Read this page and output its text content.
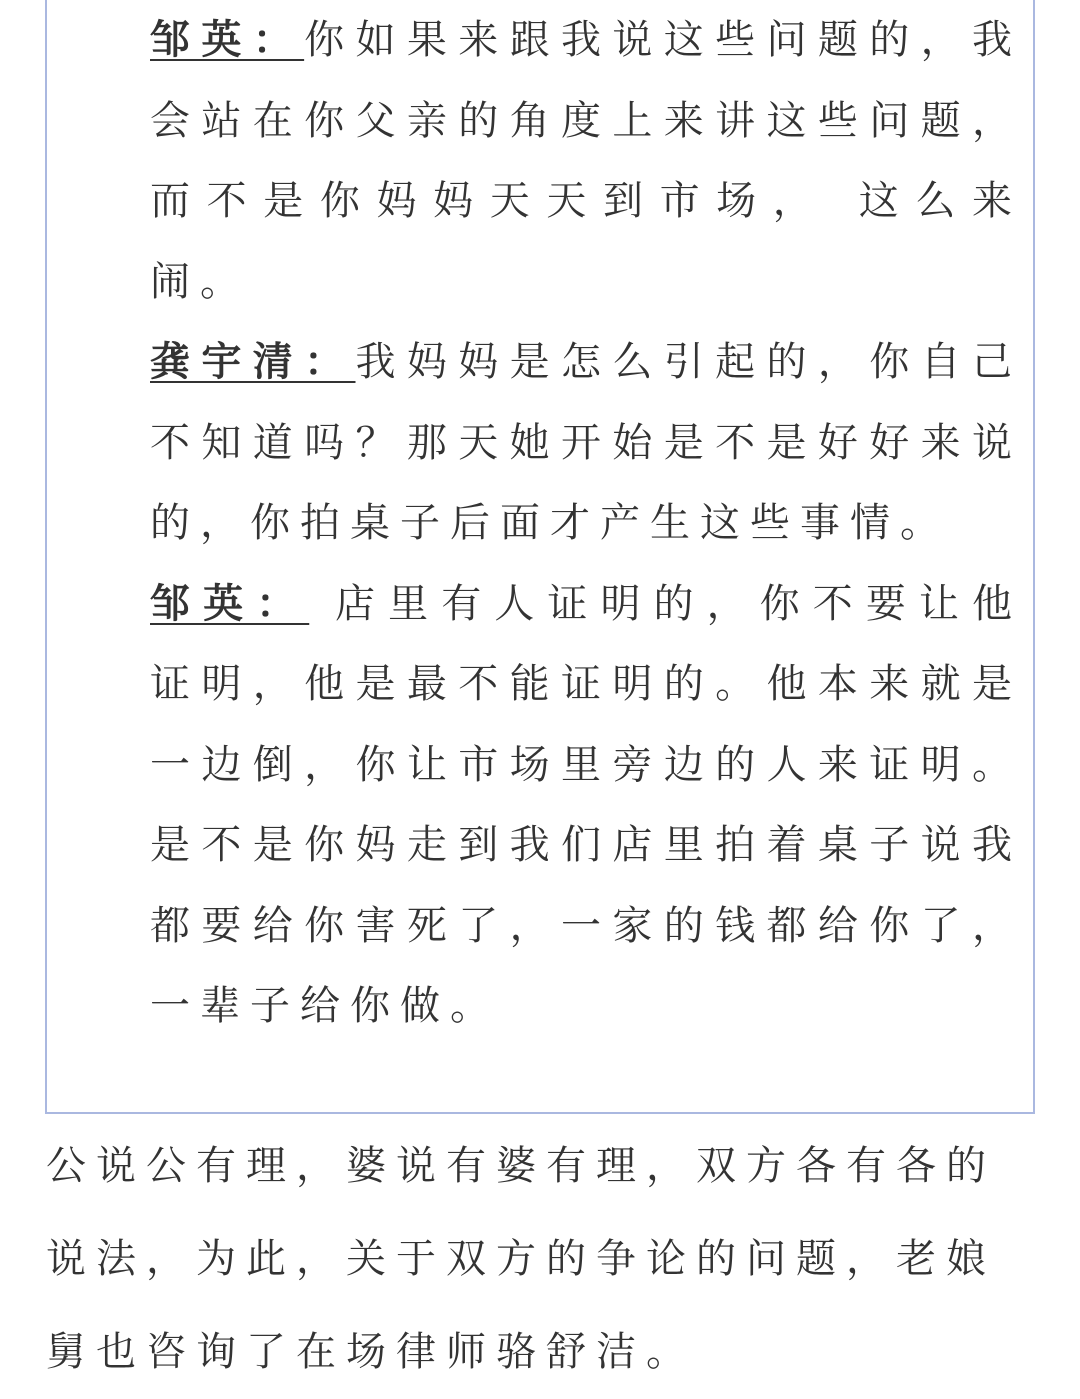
邹英：你如果来跟我说这些问题的，我会站在你父亲的角度上来讲这些问题，而不是你妈妈天天到市场， 这么来闹。
龚宇清：我妈妈是怎么引起的，你自己不知道吗？那天她开始是不是好好来说的，你拍桌子后面才产生这些事情。
邹英： 店里有人证明的，你不要让他证明，他是最不能证明的。他本来就是一边倒，你让市场里旁边的人来证明。是不是你妈走到我们店里拍着桌子说我都要给你害死了，一家的钱都给你了，一辈子给你做。

公说公有理，婆说有婆有理，双方各有各的说法，为此，关于双方的争论的问题，老娘舅也咨询了在场律师骆舒洁。
